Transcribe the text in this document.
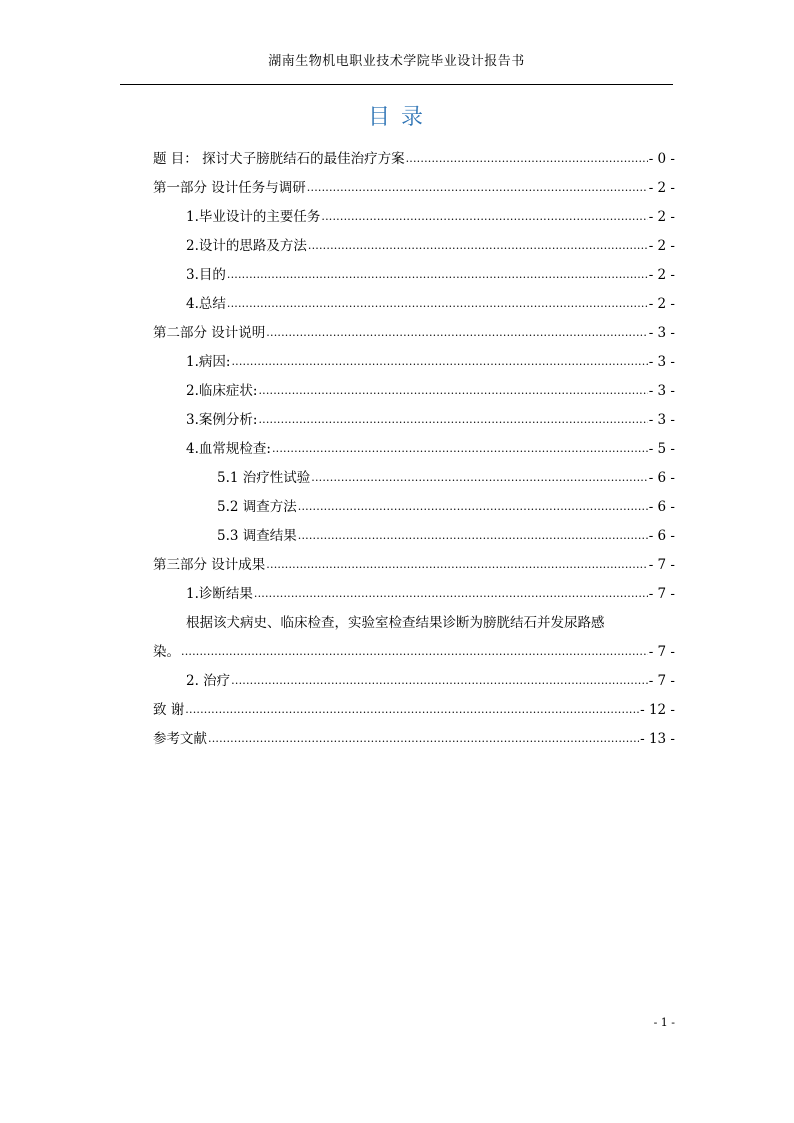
湖南生物机电职业技术学院毕业设计报告书
目 录
题 目： 探讨犬子膀胱结石的最佳治疗方案 .....	- 0 -
第一部分 设计任务与调研 .....	- 2 -
1.毕业设计的主要任务 .....	- 2 -
2.设计的思路及方法 .....	- 2 -
3.目的 .....	- 2 -
4.总结 .....	- 2 -
第二部分 设计说明 .....	- 3 -
1.病因: .....	- 3 -
2.临床症状: .....	- 3 -
3.案例分析: .....	- 3 -
4.血常规检查: .....	- 5 -
5.1 治疗性试验 .....	- 6 -
5.2 调查方法 .....	- 6 -
5.3 调查结果 .....	- 6 -
第三部分 设计成果 .....	- 7 -
1.诊断结果 .....	- 7 -
根据该犬病史、临床检查，实验室检查结果诊断为膀胱结石并发尿路感
染。 .....	- 7 -
2. 治疗 .....	- 7 -
致 谢 .....	- 12 -
参考文献 .....	- 13 -
- 1 -
